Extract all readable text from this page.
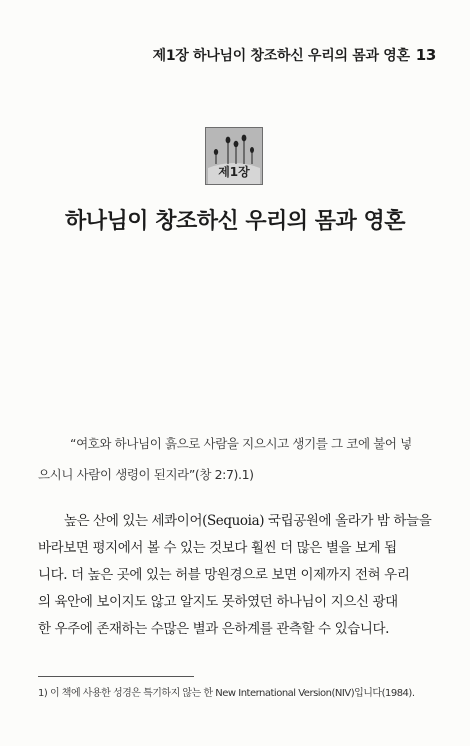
제1장 하나님이 창조하신 우리의 몸과 영혼 13
제1장
하나님이 창조하신 우리의 몸과 영혼
“여호와 하나님이 흙으로 사람을 지으시고 생기를 그 코에 불어 넣
으시니 사람이 생령이 된지라”(창 2:7).1)
높은 산에 있는 세콰이어(Sequoia) 국립공원에 올라가 밤 하늘을
바라보면 평지에서 볼 수 있는 것보다 훨씬 더 많은 별을 보게 됩
니다. 더 높은 곳에 있는 허블 망원경으로 보면 이제까지 전혀 우리
의 육안에 보이지도 않고 알지도 못하였던 하나님이 지으신 광대
한 우주에 존재하는 수많은 별과 은하계를 관측할 수 있습니다.
1) 이 책에 사용한 성경은 특기하지 않는 한 New International Version(NIV)입니다(1984).
